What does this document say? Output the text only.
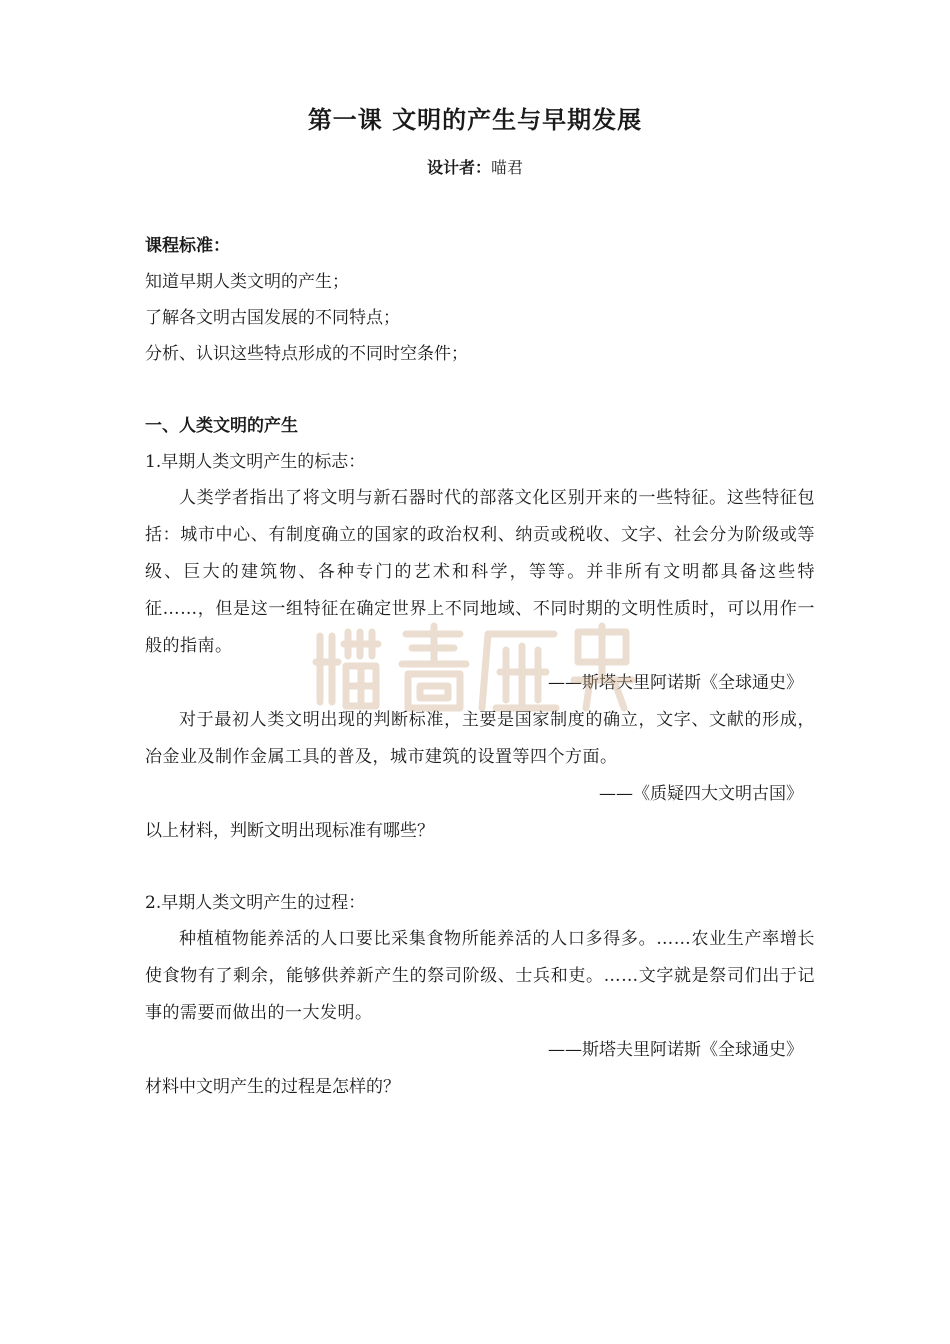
第一课 文明的产生与早期发展
设计者：喵君
课程标准：
知道早期人类文明的产生；
了解各文明古国发展的不同特点；
分析、认识这些特点形成的不同时空条件；
一、人类文明的产生
1.早期人类文明产生的标志：
人类学者指出了将文明与新石器时代的部落文化区别开来的一些特征。这些特征包括：城市中心、有制度确立的国家的政治权利、纳贡或税收、文字、社会分为阶级或等级、巨大的建筑物、各种专门的艺术和科学，等等。并非所有文明都具备这些特征……，但是这一组特征在确定世界上不同地域、不同时期的文明性质时，可以用作一般的指南。
——斯塔夫里阿诺斯《全球通史》
对于最初人类文明出现的判断标准，主要是国家制度的确立，文字、文献的形成，冶金业及制作金属工具的普及，城市建筑的设置等四个方面。
——《质疑四大文明古国》
以上材料，判断文明出现标准有哪些？
2.早期人类文明产生的过程：
种植植物能养活的人口要比采集食物所能养活的人口多得多。……农业生产率增长使食物有了剩余，能够供养新产生的祭司阶级、士兵和吏。……文字就是祭司们出于记事的需要而做出的一大发明。
——斯塔夫里阿诺斯《全球通史》
材料中文明产生的过程是怎样的？
